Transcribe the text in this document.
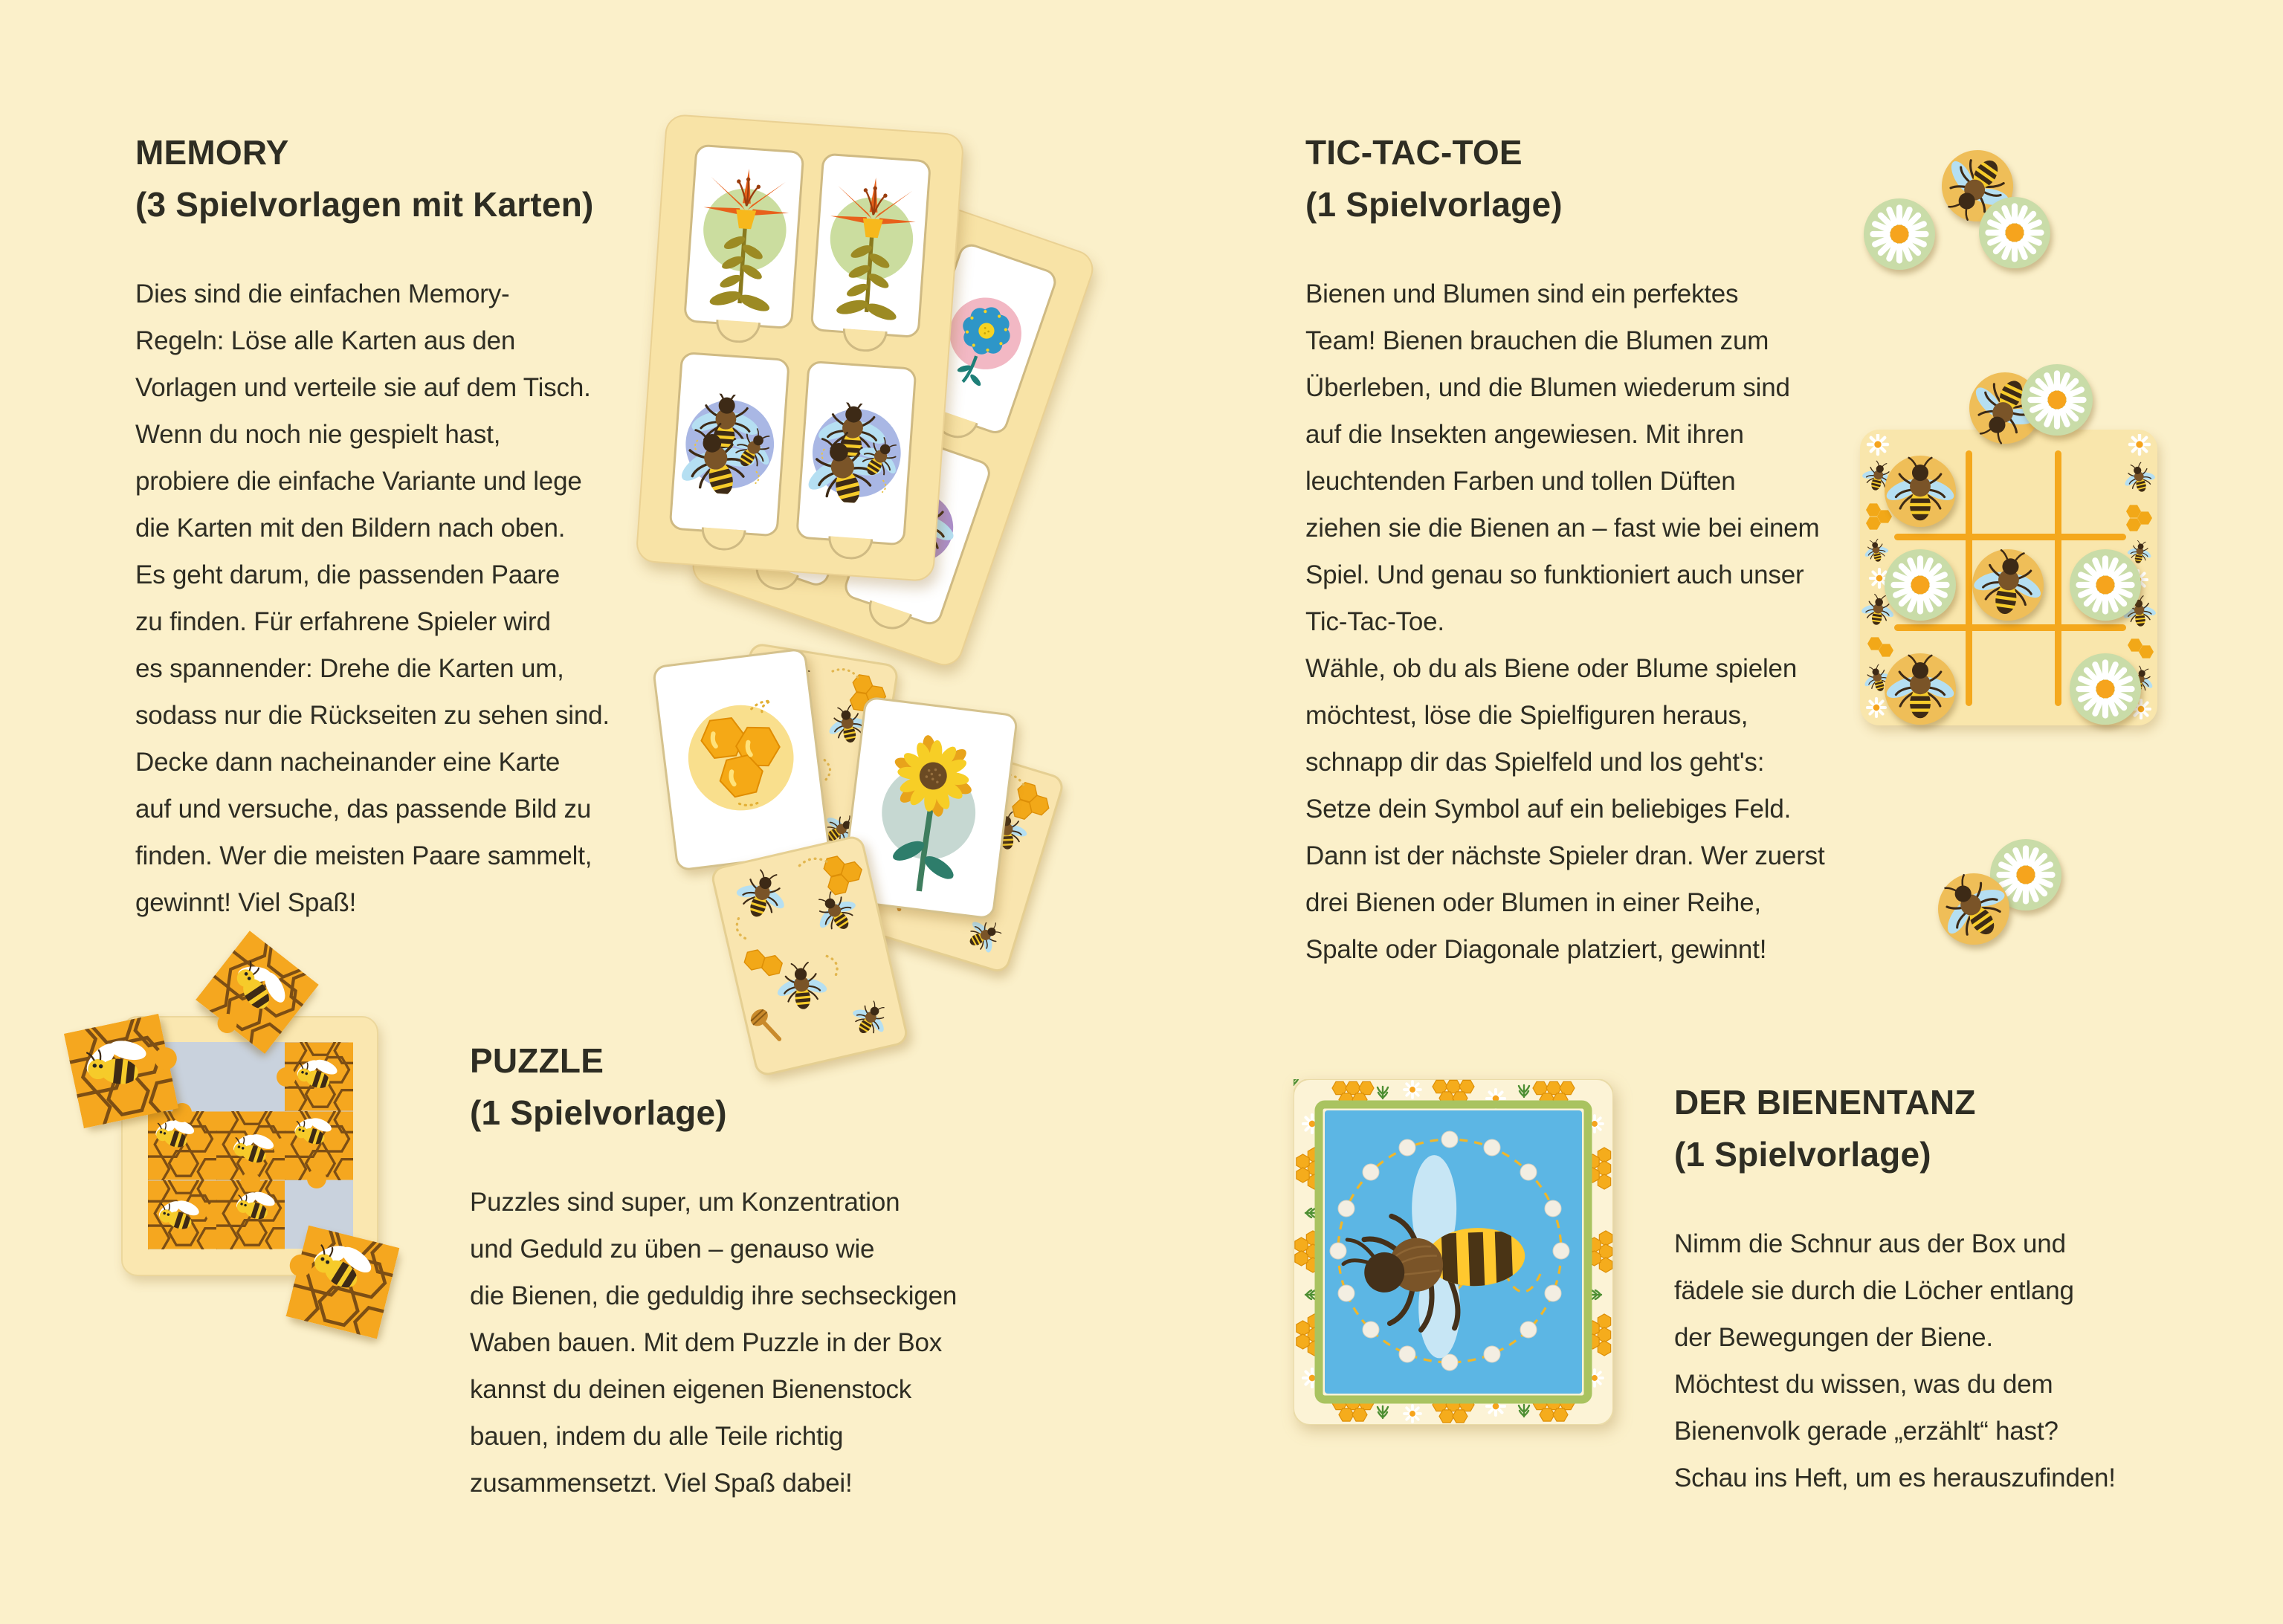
MEMORY
(3 Spielvorlagen mit Karten)
Dies sind die einfachen Memory-
Regeln: Löse alle Karten aus den
Vorlagen und verteile sie auf dem Tisch.
Wenn du noch nie gespielt hast,
probiere die einfache Variante und lege
die Karten mit den Bildern nach oben.
Es geht darum, die passenden Paare
zu finden. Für erfahrene Spieler wird
es spannender: Drehe die Karten um,
sodass nur die Rückseiten zu sehen sind.
Decke dann nacheinander eine Karte
auf und versuche, das passende Bild zu
finden. Wer die meisten Paare sammelt,
gewinnt! Viel Spaß!
TIC-TAC-TOE
(1 Spielvorlage)
Bienen und Blumen sind ein perfektes
Team! Bienen brauchen die Blumen zum
Überleben, und die Blumen wiederum sind
auf die Insekten angewiesen. Mit ihren
leuchtenden Farben und tollen Düften
ziehen sie die Bienen an – fast wie bei einem
Spiel. Und genau so funktioniert auch unser
Tic-Tac-Toe.
Wähle, ob du als Biene oder Blume spielen
möchtest, löse die Spielfiguren heraus,
schnapp dir das Spielfeld und los geht's:
Setze dein Symbol auf ein beliebiges Feld.
Dann ist der nächste Spieler dran. Wer zuerst
drei Bienen oder Blumen in einer Reihe,
Spalte oder Diagonale platziert, gewinnt!
PUZZLE
(1 Spielvorlage)
Puzzles sind super, um Konzentration
und Geduld zu üben – genauso wie
die Bienen, die geduldig ihre sechseckigen
Waben bauen. Mit dem Puzzle in der Box
kannst du deinen eigenen Bienenstock
bauen, indem du alle Teile richtig
zusammensetzt. Viel Spaß dabei!
DER BIENENTANZ
(1 Spielvorlage)
Nimm die Schnur aus der Box und
fädele sie durch die Löcher entlang
der Bewegungen der Biene.
Möchtest du wissen, was du dem
Bienenvolk gerade „erzählt“ hast?
Schau ins Heft, um es herauszufinden!
